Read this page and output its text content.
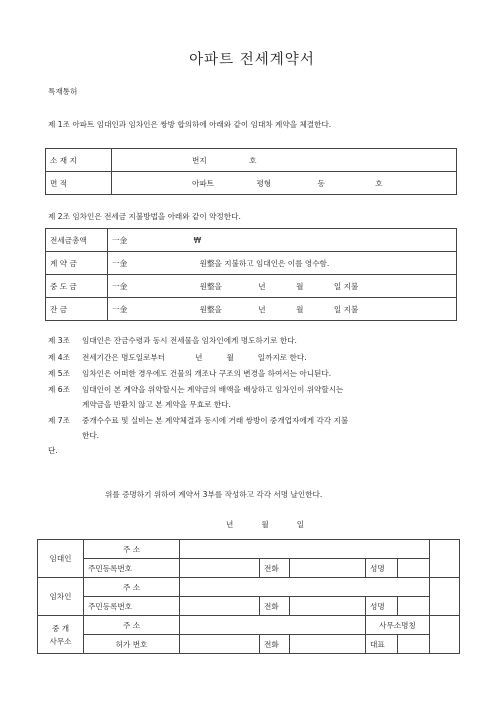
아파트 전세계약서
특재통허
제 1조 아파트 임대인과 임차인은 쌍방 합의하에 아래와 같이 임대차 계약을 체결한다.
소 재 지	번지 호
면 적	아파트 평형 동 호
제 2조 임차인은 전세금 지불방법을 아래와 같이 약정한다.
전세금총액	一金 ₩
계 약 금	一金 원整을 지불하고 임대인은 이를 영수함.
중 도 금	一金 원整을 년 월 일 지불
잔 금	一金 원整을 년 월 일 지불
제 3조 임대인은 잔금수령과 동시 전세물을 임차인에게 명도하기로 한다.
제 4조 전세기간은 명도일로부터	년	월	일까지로 한다.
제 5조 임차인은 어떠한 경우에도 건물의 개조나 구조의 변경을 하여서는 아니된다.
제 6조 임대인이 본 계약을 위약할시는 계약금의 배액을 배상하고 임차인이 위약할시는
계약금을 반환치 않고 본 계약을 무효로 한다.
제 7조 중개수수료 및 실비는 본 계약체결과 동시에 거래 쌍방이 중개업자에게 각각 지불
한다.
단.
위를 증명하기 위하여 계약서 3부를 작성하고 각각 서명 날인한다.
년	월	일
임대인	주 소						
	주민등록번호		전화		성명		
임차인	주 소						
	주민등록번호		전화		성명		

중 개
사무소	주 소				사무소명칭		
	허가 번호		전화		대표		
